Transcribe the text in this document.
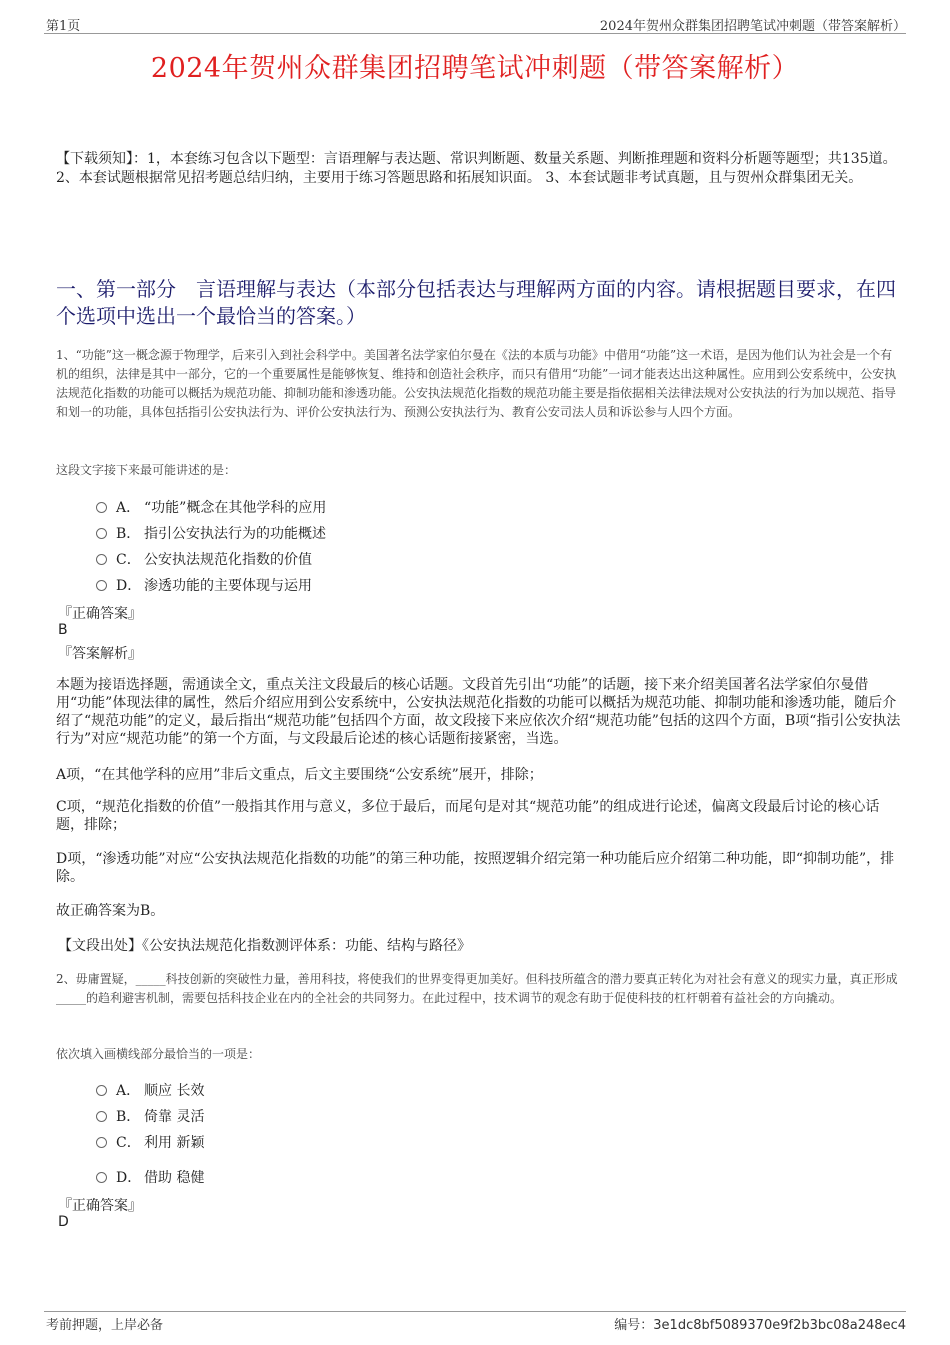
第1页	2024年贺州众群集团招聘笔试冲刺题（带答案解析）
2024年贺州众群集团招聘笔试冲刺题（带答案解析）
【下载须知】：1，本套练习包含以下题型：言语理解与表达题、常识判断题、数量关系题、判断推理题和资料分析题等题型；共135道。 2、本套试题根据常见招考题总结归纳，主要用于练习答题思路和拓展知识面。 3、本套试题非考试真题，且与贺州众群集团无关。
一、第一部分　言语理解与表达（本部分包括表达与理解两方面的内容。请根据题目要求，在四个选项中选出一个最恰当的答案。）
1、“功能”这一概念源于物理学，后来引入到社会科学中。美国著名法学家伯尔曼在《法的本质与功能》中借用“功能”这一术语，是因为他们认为社会是一个有机的组织，法律是其中一部分，它的一个重要属性是能够恢复、维持和创造社会秩序，而只有借用“功能”一词才能表达出这种属性。应用到公安系统中，公安执法规范化指数的功能可以概括为规范功能、抑制功能和渗透功能。公安执法规范化指数的规范功能主要是指依据相关法律法规对公安执法的行为加以规范、指导和划一的功能，具体包括指引公安执法行为、评价公安执法行为、预测公安执法行为、教育公安司法人员和诉讼参与人四个方面。
这段文字接下来最可能讲述的是：
A． “功能”概念在其他学科的应用
B． 指引公安执法行为的功能概述
C． 公安执法规范化指数的价值
D． 渗透功能的主要体现与运用
『正确答案』
B
『答案解析』
本题为接语选择题，需通读全文，重点关注文段最后的核心话题。文段首先引出“功能”的话题，接下来介绍美国著名法学家伯尔曼借用“功能”体现法律的属性，然后介绍应用到公安系统中，公安执法规范化指数的功能可以概括为规范功能、抑制功能和渗透功能，随后介绍了“规范功能”的定义，最后指出“规范功能”包括四个方面，故文段接下来应依次介绍“规范功能”包括的这四个方面，B项“指引公安执法行为”对应“规范功能”的第一个方面，与文段最后论述的核心话题衔接紧密，当选。
A项，“在其他学科的应用”非后文重点，后文主要围绕“公安系统”展开，排除；
C项，“规范化指数的价值”一般指其作用与意义，多位于最后，而尾句是对其“规范功能”的组成进行论述，偏离文段最后讨论的核心话题，排除；
D项，“渗透功能”对应“公安执法规范化指数的功能”的第三种功能，按照逻辑介绍完第一种功能后应介绍第二种功能，即“抑制功能”，排除。
故正确答案为B。
【文段出处】《公安执法规范化指数测评体系：功能、结构与路径》
2、毋庸置疑，_____科技创新的突破性力量，善用科技，将使我们的世界变得更加美好。但科技所蕴含的潜力要真正转化为对社会有意义的现实力量，真正形成_____的趋利避害机制，需要包括科技企业在内的全社会的共同努力。在此过程中，技术调节的观念有助于促使科技的杠杆朝着有益社会的方向撬动。
依次填入画横线部分最恰当的一项是：
A． 顺应 长效
B． 倚靠 灵活
C． 利用 新颖
D． 借助 稳健
『正确答案』
D
考前押题，上岸必备	编号：3e1dc8bf5089370e9f2b3bc08a248ec4
